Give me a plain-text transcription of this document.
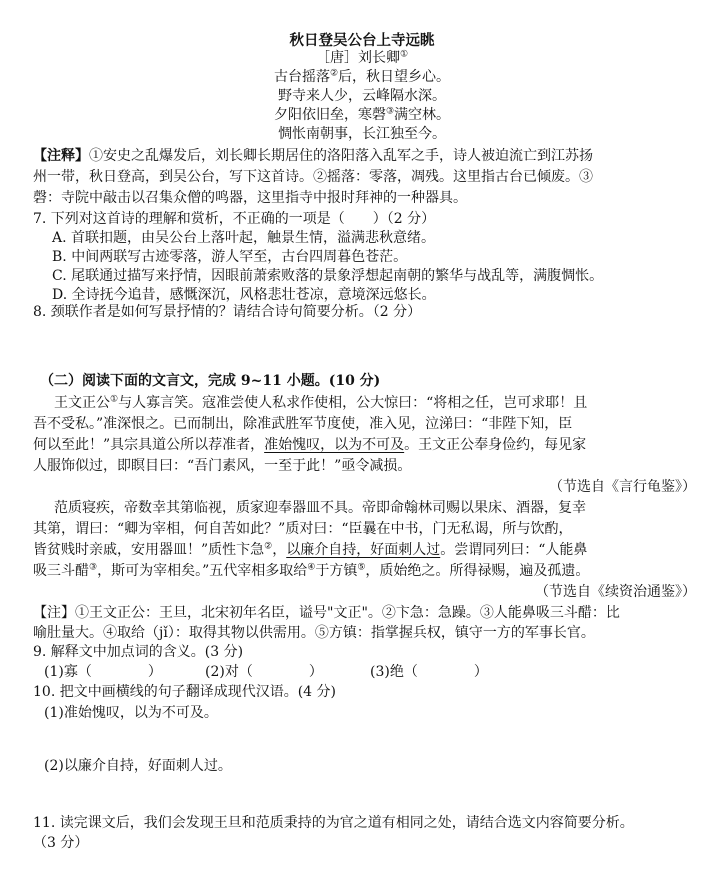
秋日登吴公台上寺远眺
［唐］刘长卿①
古台摇落②后，秋日望乡心。
野寺来人少，云峰隔水深。
夕阳依旧垒，寒磬③满空林。
惆怅南朝事，长江独至今。
【注释】①安史之乱爆发后，刘长卿长期居住的洛阳落入乱军之手，诗人被迫流亡到江苏扬
州一带，秋日登高，到吴公台，写下这首诗。②摇落：零落，凋残。这里指古台已倾废。③
磬：寺院中敲击以召集众僧的鸣器，这里指寺中报时拜神的一种器具。
7. 下列对这首诗的理解和赏析，不正确的一项是（　　）（2 分）
A. 首联扣题，由吴公台上落叶起，触景生情，溢满悲秋意绪。
B. 中间两联写古迹零落，游人罕至，古台四周暮色苍茫。
C. 尾联通过描写来抒情，因眼前萧索败落的景象浮想起南朝的繁华与战乱等，满腹惆怅。
D. 全诗抚今追昔，感慨深沉，风格悲壮苍凉，意境深远悠长。
8. 颈联作者是如何写景抒情的？请结合诗句简要分析。（2 分）
（二）阅读下面的文言文，完成 9~11 小题。(10 分)
王文正公①与人寡言笑。寇准尝使人私求作使相，公大惊曰：“将相之任，岂可求耶！且
吾不受私。”准深恨之。已而制出，除准武胜军节度使，准入见，泣涕曰：“非陛下知，臣
何以至此！”具宗具道公所以荐准者，准始愧叹，以为不可及。王文正公奉身俭约，每见家
人服饰似过，即瞑目曰：“吾门素风，一至于此！”亟令减损。
（节选自《言行龟鉴》）
范质寝疾，帝数幸其第临视，质家迎奉器皿不具。帝即命翰林司赐以果床、酒器，复幸
其第，谓曰：“卿为宰相，何自苦如此？”质对曰：“臣曩在中书，门无私谒，所与饮酌，
皆贫贱时亲戚，安用器皿！”质性卞急②，以廉介自持，好面刺人过。尝谓同列曰：“人能鼻
吸三斗醋③，斯可为宰相矣。”五代宰相多取给④于方镇⑤，质始绝之。所得禄赐，遍及孤遗。
（节选自《续资治通鉴》）
【注】①王文正公：王旦，北宋初年名臣，谥号"文正"。②卞急：急躁。③人能鼻吸三斗醋：比
喻肚量大。④取给（jǐ）：取得其物以供需用。⑤方镇：指掌握兵权，镇守一方的军事长官。
9. 解释文中加点词的含义。(3 分)
(1)寡（　　　　）	(2)对（　　　　）	(3)绝（　　　　）
10. 把文中画横线的句子翻译成现代汉语。(4 分)
(1)准始愧叹，以为不可及。
(2)以廉介自持，好面刺人过。
11. 读完课文后，我们会发现王旦和范质秉持的为官之道有相同之处，请结合选文内容简要分析。
（3 分）
